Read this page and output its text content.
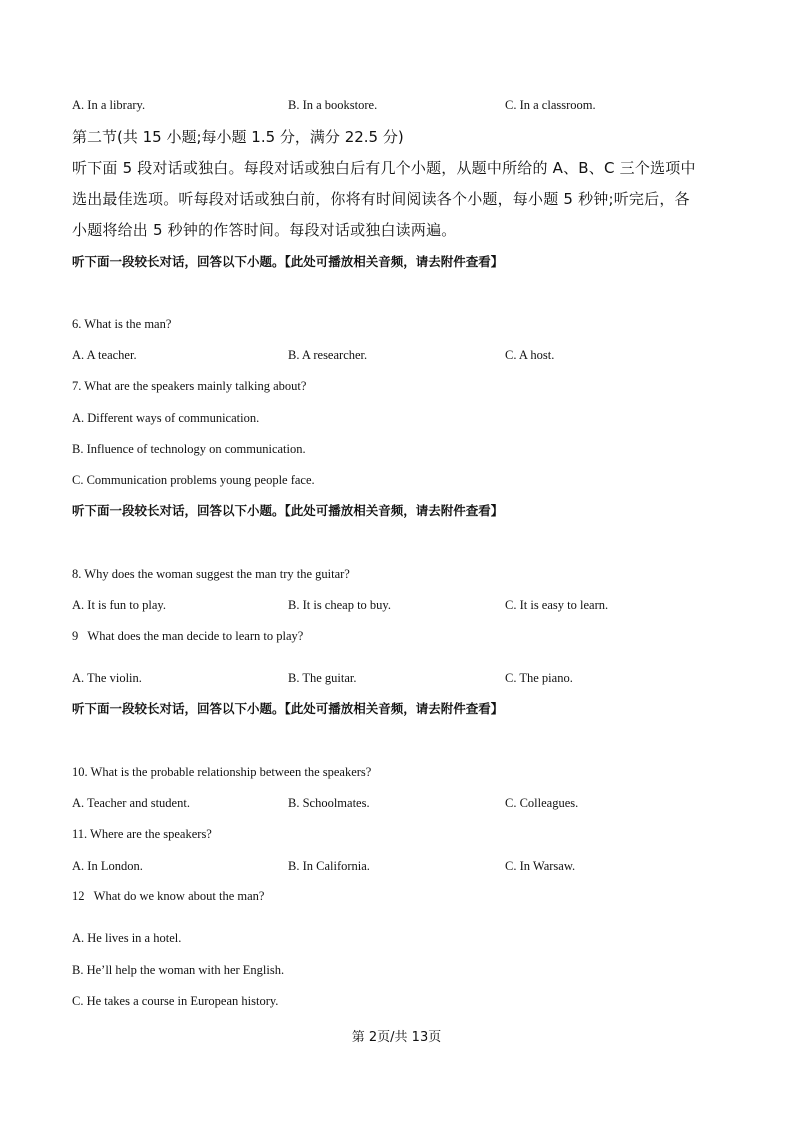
A. In a library.	B. In a bookstore.	C. In a classroom.
第二节(共 15 小题;每小题 1.5 分，满分 22.5 分)
听下面 5 段对话或独白。每段对话或独白后有几个小题，从题中所给的 A、B、C 三个选项中
选出最佳选项。听每段对话或独白前，你将有时间阅读各个小题，每小题 5 秒钟;听完后，各
小题将给出 5 秒钟的作答时间。每段对话或独白读两遍。
听下面一段较长对话，回答以下小题。【此处可播放相关音频，请去附件查看】
6. What is the man?
A. A teacher.	B. A researcher.	C. A host.
7. What are the speakers mainly talking about?
A. Different ways of communication.
B. Influence of technology on communication.
C. Communication problems young people face.
听下面一段较长对话，回答以下小题。【此处可播放相关音频，请去附件查看】
8. Why does the woman suggest the man try the guitar?
A. It is fun to play.	B. It is cheap to buy.	C. It is easy to learn.
9   What does the man decide to learn to play?
A. The violin.	B. The guitar.	C. The piano.
听下面一段较长对话，回答以下小题。【此处可播放相关音频，请去附件查看】
10. What is the probable relationship between the speakers?
A. Teacher and student.	B. Schoolmates.	C. Colleagues.
11. Where are the speakers?
A. In London.	B. In California.	C. In Warsaw.
12   What do we know about the man?
A. He lives in a hotel.
B. He’ll help the woman with her English.
C. He takes a course in European history.
第 2页/共 13页
